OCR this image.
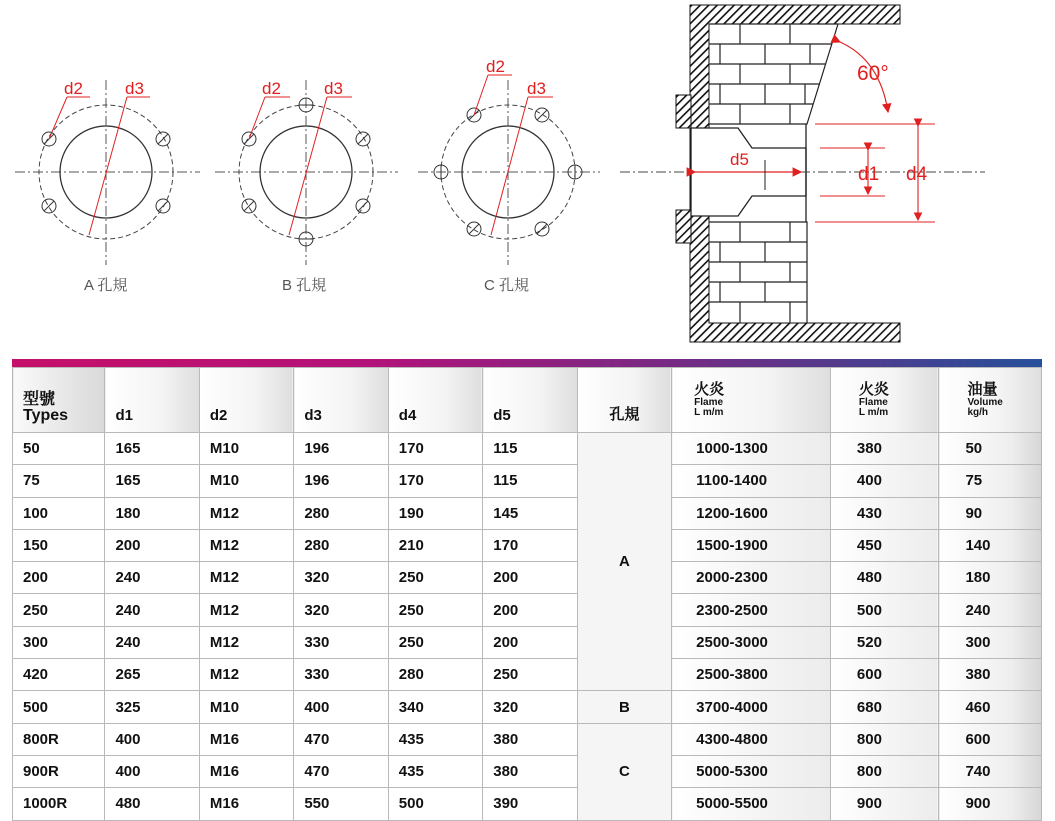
d2 d3
A 孔規
d2	d3
B 孔規
d2
d3
C 孔規
d5
60°
d1 d4
型號
Types	d1	d2	d3	d4	d5	孔規	火炎
Flame
L m/m	火炎
Flame
L m/m	油量
Volume
kg/h

50	165	M10	196	170	115	A	1000-1300	380	50
75	165	M10	196	170	115		1100-1400	400	75
100	180	M12	280	190	145		1200-1600	430	90
150	200	M12	280	210	170		1500-1900	450	140
200	240	M12	320	250	200		2000-2300	480	180
250	240	M12	320	250	200		2300-2500	500	240
300	240	M12	330	250	200		2500-3000	520	300
420	265	M12	330	280	250		2500-3800	600	380
500	325	M10	400	340	320	B	3700-4000	680	460
800R	400	M16	470	435	380	C	4300-4800	800	600
900R	400	M16	470	435	380		5000-5300	800	740
1000R	480	M16	550	500	390		5000-5500	900	900
